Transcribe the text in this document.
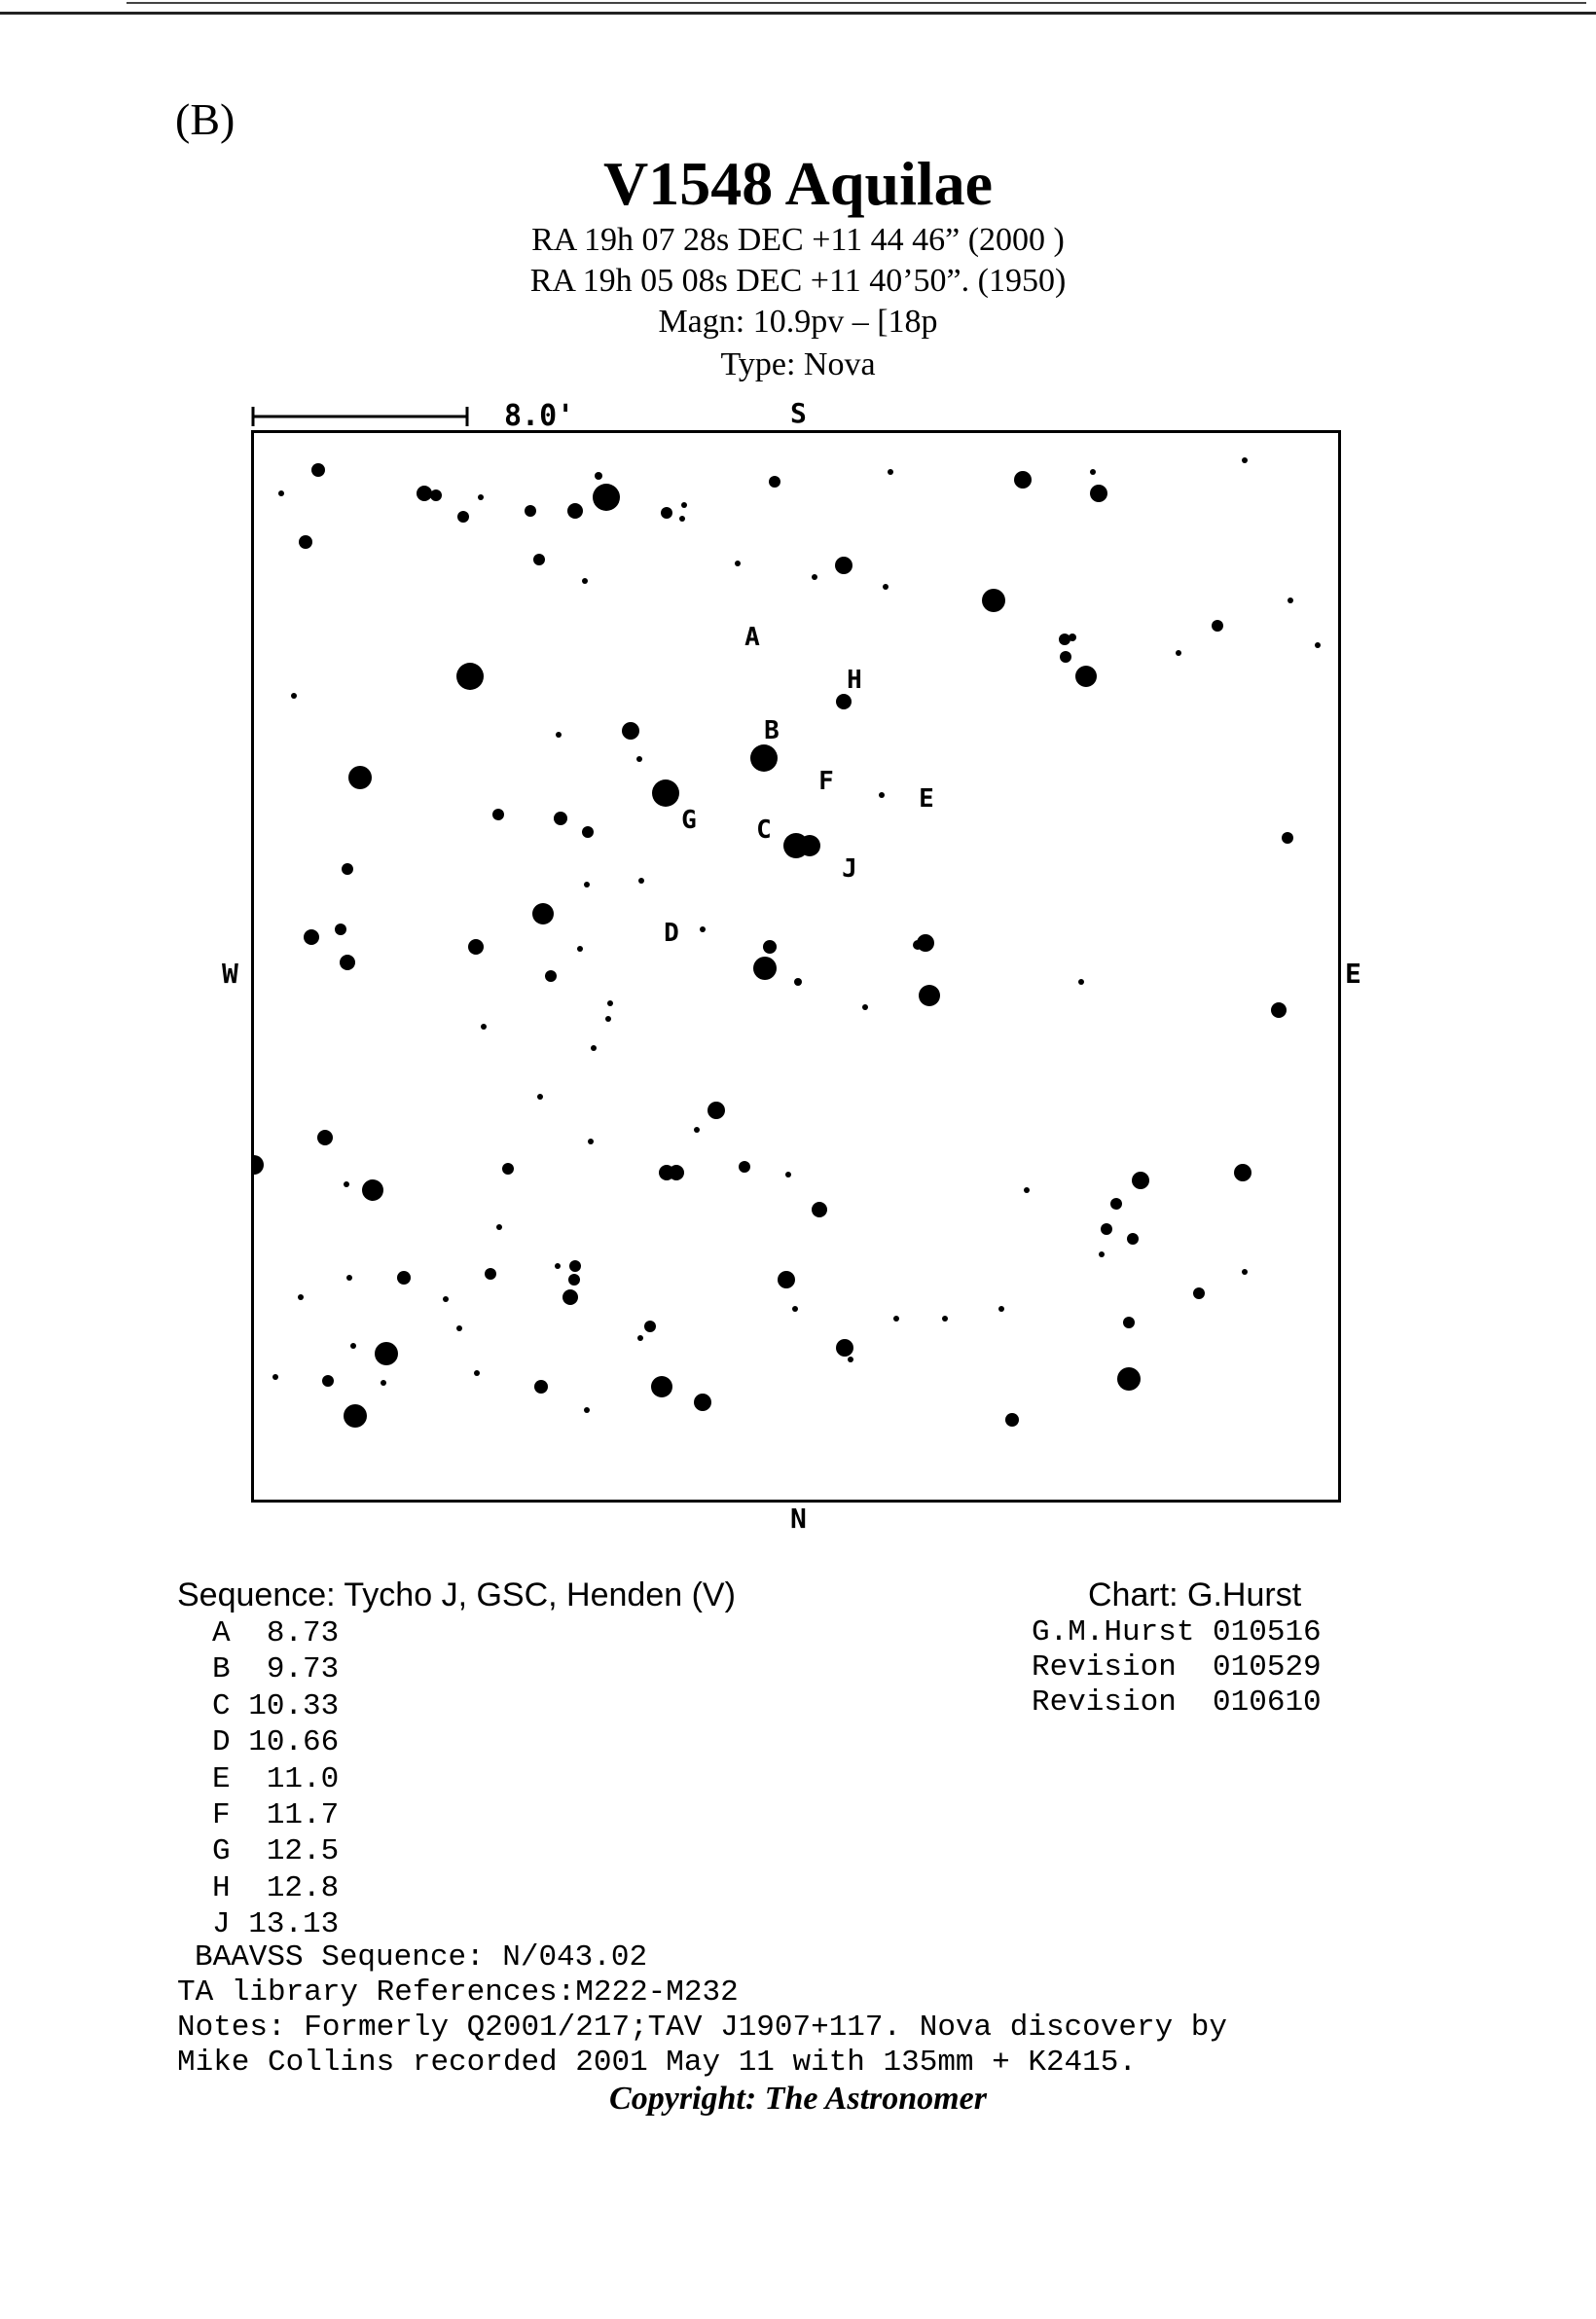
(B)
V1548 Aquilae
RA 19h 07 28s DEC +11 44 46” (2000 )
RA 19h 05 08s DEC +11 40’50”. (1950)
Magn: 10.9pv – [18p
Type: Nova
8.0'	S
N
W	E
A
H
B
F
G
E
C
J
D
Sequence: Tycho J, GSC, Henden (V)
A 8.73
B 9.73
C 10.33
D 10.66
E 11.0
F 11.7
G 12.5
H 12.8
J 13.13
Chart: G.Hurst
G.M.Hurst 010516
Revision  010529
Revision  010610
BAAVSS Sequence: N/043.02
TA library References:M222-M232
Notes: Formerly Q2001/217;TAV J1907+117. Nova discovery by
Mike Collins recorded 2001 May 11 with 135mm + K2415.
Copyright: The Astronomer
